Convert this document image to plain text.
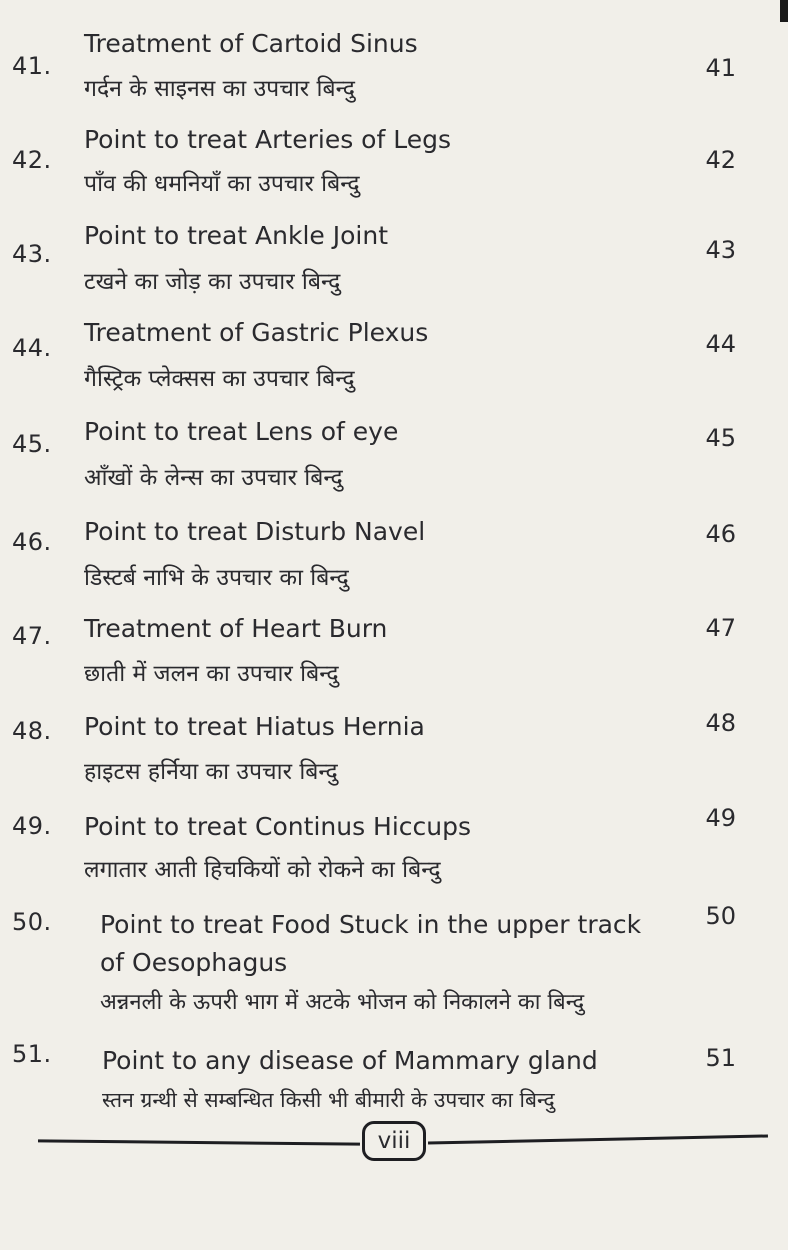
41.
Treatment of Cartoid Sinus
गर्दन के साइनस का उपचार बिन्दु
41
42.
Point to treat Arteries of Legs
पाँव की धमनियाँ का उपचार बिन्दु
42
43.
Point to treat Ankle Joint
टखने का जोड़ का उपचार बिन्दु
43
44.
Treatment of Gastric Plexus
गैस्ट्रिक प्लेक्सस का उपचार बिन्दु
44
45. Point to treat Lens of eye
आँखों के लेन्स का उपचार बिन्दु
45
46. Point to treat Disturb Navel
डिस्टर्ब नाभि के उपचार का बिन्दु
46
47. Treatment of Heart Burn
छाती में जलन का उपचार बिन्दु
47
48. Point to treat Hiatus Hernia
हाइटस हर्निया का उपचार बिन्दु
48
49. Point to treat Continus Hiccups
लगातार आती हिचकियों को रोकने का बिन्दु
49
50. Point to treat Food Stuck in the upper track
of Oesophagus
अन्ननली के ऊपरी भाग में अटके भोजन को निकालने का बिन्दु
50
51. Point to any disease of Mammary gland
स्तन ग्रन्थी से सम्बन्धित किसी भी बीमारी के उपचार का बिन्दु
51
viii
